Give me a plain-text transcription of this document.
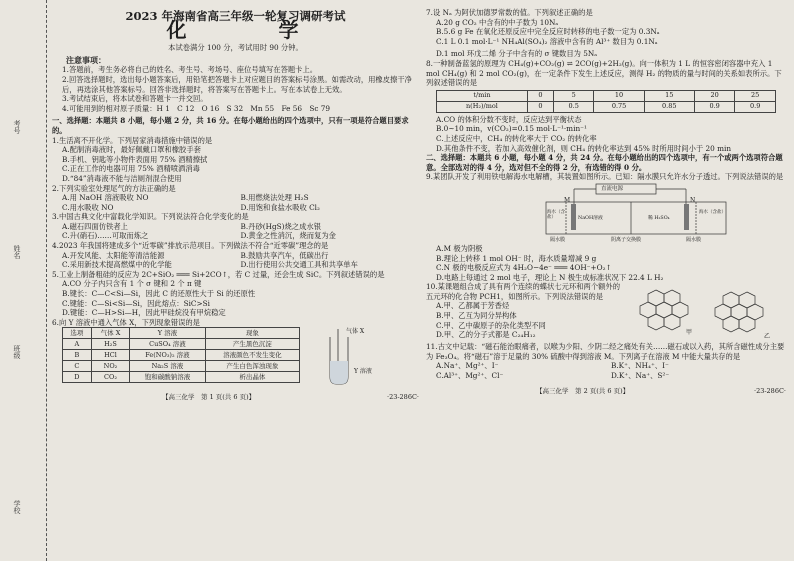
考号
姓名
班级
学校
2023 年海南省高三年级一轮复习调研考试
化　学

本试卷满分 100 分，考试用时 90 分钟。

注意事项：

1.答题前，考生务必将自己的姓名、考生号、考场号、座位号填写在答题卡上。

2.回答选择题时，选出每小题答案后，用铅笔把答题卡上对应题目的答案标号涂黑。如需改动，用橡皮擦干净后，再选涂其他答案标号。回答非选择题时，将答案写在答题卡上。写在本试卷上无效。

3.考试结束后，将本试卷和答题卡一并交回。

4.可能用到的相对原子质量：H 1　C 12　O 16　S 32　Mn 55　Fe 56　Sc 79

一、选择题：本题共 8 小题，每小题 2 分，共 16 分。在每小题给出的四个选项中，只有一项是符合题目要求的。

1.生活离不开化学。下列居家消毒措施中错误的是

A.配制消毒液时，最好佩戴口罩和橡胶手套

B.手机、钥匙等小物件表面用 75% 酒精擦拭

C.正在工作的电器可用 75% 酒精喷洒消毒

D.“84”消毒液不能与洁厕剂混合使用

2.下列实验室处理尾气的方法正确的是

A.用 NaOH 溶液吸收 NO	B.用燃烧法处理 H₂S
C.用水吸收 NO	D.用饱和食盐水吸收 Cl₂

3.中国古典文化中富载化学知识。下列说法符合化学变化的是

A.磁石四面仿铁者上	B.丹砂(HgS)烧之成水银
C.升(硝石)……可取而炼之	D.黄金之性消沉，烧而复为金

4.2023 年我国将建成多个“近零碳”排放示范项目。下列做法不符合“近零碳”理念的是

A.开发风能、太阳能等清洁能源	B.鼓励共享汽车，低碳出行
C.采用新技术提高燃煤中的化学能	D.出行使用公共交通工具和共享单车

5.工业上制备粗硅的反应为 2C+SiO₂ ═══ Si+2CO↑，若 C 过量，还会生成 SiC。下列叙述错误的是

A.CO 分子内只含有 1 个 σ 键和 2 个 π 键

B.键长：C—C<Si—Si，因此 C 的还原性大于 Si 的还原性

C.键能：C—Si<Si—Si，因此熔点：SiC>Si

D.键能：C—H>Si—H，因此甲硅烷没有甲烷稳定

6.向 Y 溶液中通入气体 X，下列现象错误的是

选项	气体 X	Y 溶液	现象
A	H₂S	CuSO₄ 溶液	产生黑色沉淀
B	HCl	Fe(NO₃)₂ 溶液	溶液颜色不发生变化
C	NO₂	Na₂S 溶液	产生白色浑浊现象
D	CO₂	饱和碳酸钠溶液	析出晶体
气体 X
Y 溶液
【高三化学　第 1 页(共 6 页)】	·23-286C·

7.设 Nₐ 为阿伏加德罗常数的值。下列叙述正确的是

A.20 g CO₂ 中含有的中子数为 10Nₐ

B.5.6 g Fe 在氧化还原反应中完全反应时转移的电子数一定为 0.3Nₐ

C.1 L 0.1 mol·L⁻¹ NH₄Al(SO₄)₂ 溶液中含有的 Al³⁺ 数目为 0.1Nₐ

D.1 mol 环戊二烯 分子中含有的 σ 键数目为 5Nₐ

8.一种制备蓝氢的原理为 CH₄(g)+CO₂(g) ⇌ 2CO(g)+2H₂(g)。向一体积为 1 L 的恒容密闭容器中充入 1 mol CH₄(g) 和 2 mol CO₂(g)，在一定条件下发生上述反应，测得 H₂ 的物质的量与时间的关系如表所示。下列叙述错误的是

t/min	0	5	10	15	20	25
n(H₂)/mol	0	0.5	0.75	0.85	0.9	0.9

A.CO 的体积分数不变时，反应达到平衡状态

B.0~10 min，v(CO₂)=0.15 mol·L⁻¹·min⁻¹

C.上述反应中，CH₄ 的转化率大于 CO₂ 的转化率

D.其他条件不变，若加入高效催化剂，则 CH₄ 的转化率达到 45% 时所用时间小于 20 min

二、选择题：本题共 6 小题，每小题 4 分，共 24 分。在每小题给出的四个选项中，有一个或两个选项符合题意。全部选对的得 4 分，选对但不全的得 2 分，有选错的得 0 分。

9.某团队开发了利用铁电解海水电解槽，其装置如图所示。已知：隔水膜只允许水分子透过。下列说法错误的是

直流电源
M	N
海水（含盐）	NaOH溶液	稀 H₂SO₄
海水（含盐）
隔水膜	阴离子交换膜	隔水膜

A.M 极为阴极

B.理论上转移 1 mol OH⁻ 时，海水质量增减 9 g

C.N 极的电极反应式为 4H₂O−4e⁻ ═══ 4OH⁻+O₂↑

D.电路上每通过 2 mol 电子，理论上 N 极生成标准状况下 22.4 L H₂

10.某课题组合成了具有两个连续的蝶状七元环和两个额外的五元环的化合物 PCH1，如图所示。下列说法错误的是

A.甲、乙都属于芳香烃

B.甲、乙互为同分异构体

C.甲、乙中碳原子的杂化类型不同

D.甲、乙的分子式都是 C₂₄H₁₂	甲
乙

11.古文中记载：“磁石能治眼痛者，以喉为少阳、少阴二经之痛处有关……磁石或以入药，其所含磁性成分主要为 Fe₃O₄。将“磁石”溶于足量的 30% 硫酸中得到溶液 M。下列离子在溶液 M 中能大量共存的是

A.Na⁺、Mg²⁺、I⁻	B.K⁺、NH₄⁺、I⁻
C.Al³⁺、Mg²⁺、Cl⁻	D.K⁺、Na⁺、S²⁻
【高三化学　第 2 页(共 6 页)】	·23-286C·
